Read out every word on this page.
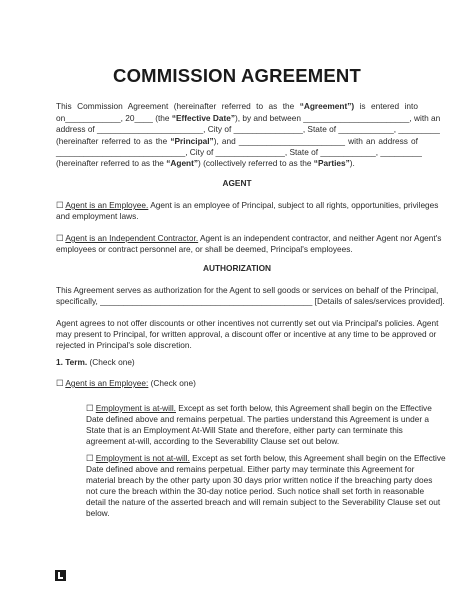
COMMISSION AGREEMENT
This Commission Agreement (hereinafter referred to as the “Agreement”) is entered into
on____________, 20____ (the “Effective Date”), by and between _______________________, with an
address of _______________________, City of _______________, State of ____________, _________
(hereinafter referred to as the “Principal”), and _______________________ with an address of
____________________________, City of _______________, State of ____________, _________
(hereinafter referred to as the “Agent”) (collectively referred to as the “Parties”).
AGENT
☐ Agent is an Employee. Agent is an employee of Principal, subject to all rights, opportunities, privileges
and employment laws.
☐ Agent is an Independent Contractor. Agent is an independent contractor, and neither Agent nor Agent's
employees or contract personnel are, or shall be deemed, Principal's employees.
AUTHORIZATION
This Agreement serves as authorization for the Agent to sell goods or services on behalf of the Principal,
specifically, ______________________________________________ [Details of sales/services provided].
Agent agrees to not offer discounts or other incentives not currently set out via Principal's policies. Agent
may present to Principal, for written approval, a discount offer or incentive at any time to be approved or
rejected in Principal's sole discretion.
1. Term. (Check one)
☐ Agent is an Employee: (Check one)
☐ Employment is at-will. Except as set forth below, this Agreement shall begin on the Effective
Date defined above and remains perpetual. The parties understand this Agreement is under a
State that is an Employment At-Will State and therefore, either party can terminate this
agreement at-will, according to the Severability Clause set out below.
☐ Employment is not at-will. Except as set forth below, this Agreement shall begin on the Effective
Date defined above and remains perpetual. Either party may terminate this Agreement for
material breach by the other party upon 30 days prior written notice if the breaching party does
not cure the breach within the 30-day notice period. Such notice shall set forth in reasonable
detail the nature of the asserted breach and will remain subject to the Severability Clause set out
below.
